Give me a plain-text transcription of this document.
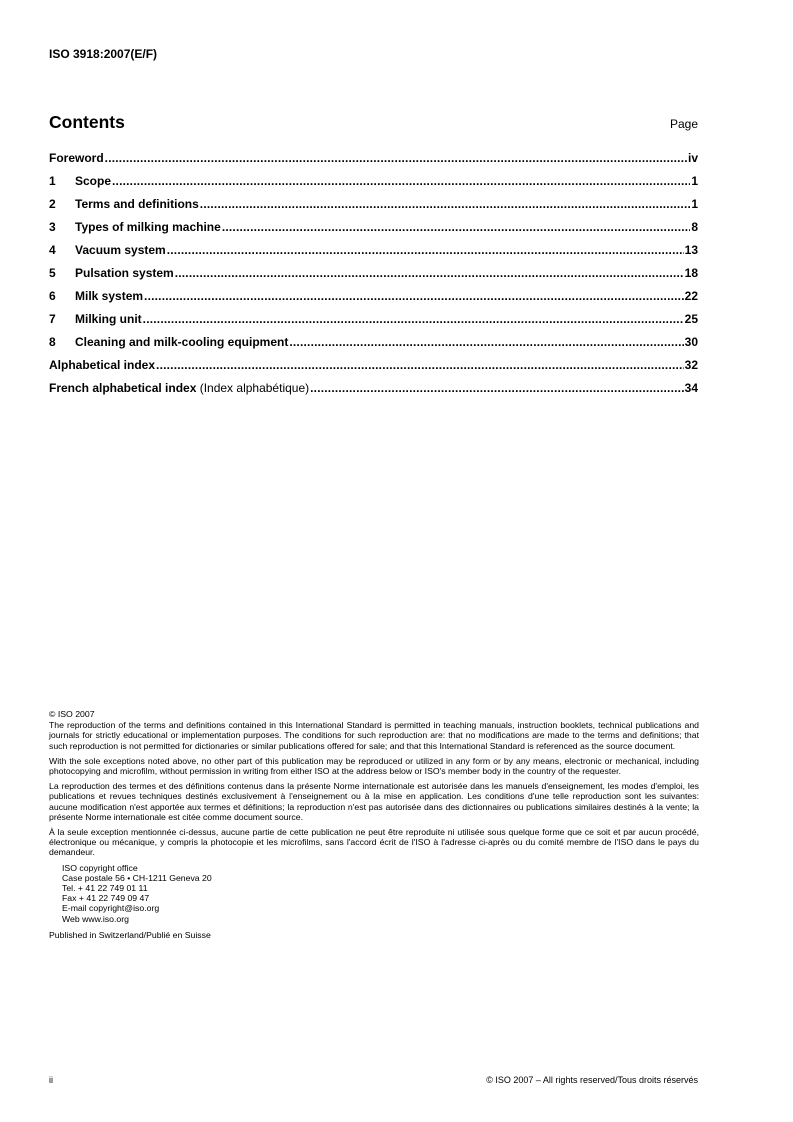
ISO 3918:2007(E/F)
Contents	Page
Foreword .....	iv
1	Scope .....	1
2	Terms and definitions .....	1
3	Types of milking machine .....	8
4	Vacuum system .....	13
5	Pulsation system .....	18
6	Milk system .....	22
7	Milking unit .....	25
8	Cleaning and milk-cooling equipment .....	30
Alphabetical index .....	32
French alphabetical index (Index alphabétique) .....	34

© ISO 2007

The reproduction of the terms and definitions contained in this International Standard is permitted in teaching manuals, instruction booklets, technical publications and journals for strictly educational or implementation purposes. The conditions for such reproduction are: that no modifications are made to the terms and definitions; that such reproduction is not permitted for dictionaries or similar publications offered for sale; and that this International Standard is referenced as the source document.

With the sole exceptions noted above, no other part of this publication may be reproduced or utilized in any form or by any means, electronic or mechanical, including photocopying and microfilm, without permission in writing from either ISO at the address below or ISO's member body in the country of the requester.

La reproduction des termes et des définitions contenus dans la présente Norme internationale est autorisée dans les manuels d'enseignement, les modes d'emploi, les publications et revues techniques destinés exclusivement à l'enseignement ou à la mise en application. Les conditions d'une telle reproduction sont les suivantes: aucune modification n'est apportée aux termes et définitions; la reproduction n'est pas autorisée dans des dictionnaires ou publications similaires destinés à la vente; la présente Norme internationale est citée comme document source.

À la seule exception mentionnée ci-dessus, aucune partie de cette publication ne peut être reproduite ni utilisée sous quelque forme que ce soit et par aucun procédé, électronique ou mécanique, y compris la photocopie et les microfilms, sans l'accord écrit de l'ISO à l'adresse ci-après ou du comité membre de l'ISO dans le pays du demandeur.

ISO copyright office
Case postale 56 • CH-1211 Geneva 20
Tel. + 41 22 749 01 11
Fax + 41 22 749 09 47
E-mail copyright@iso.org
Web www.iso.org

Published in Switzerland/Publié en Suisse

ii	© ISO 2007 – All rights reserved/Tous droits réservés
